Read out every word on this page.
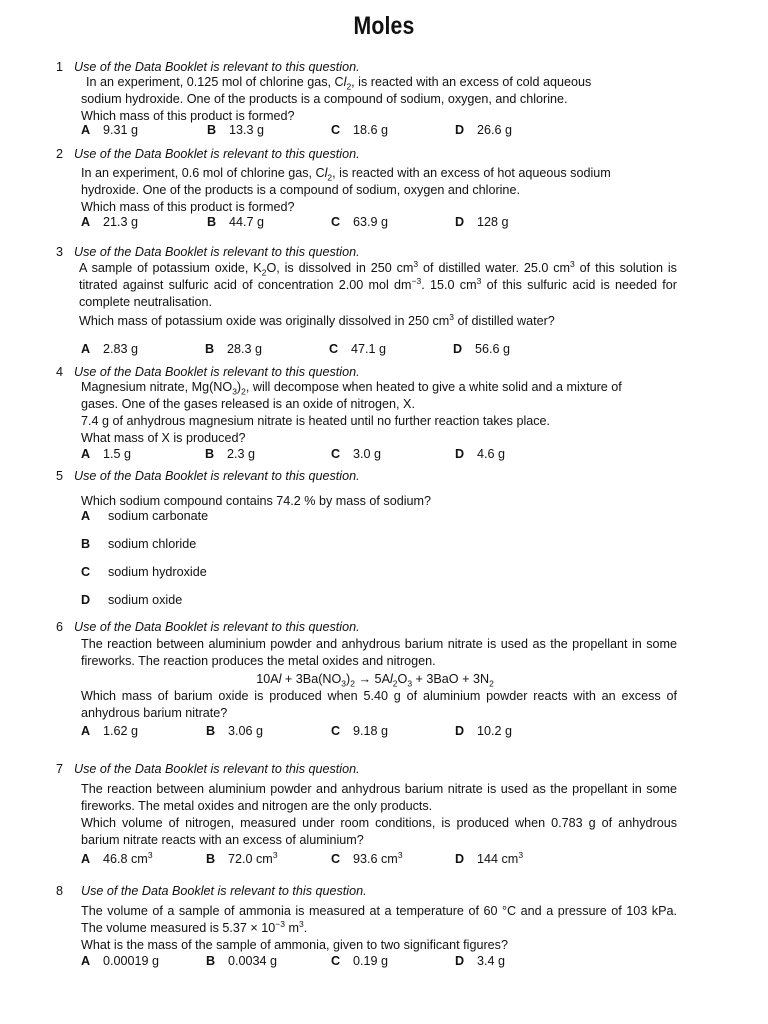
Moles
1 Use of the Data Booklet is relevant to this question.

In an experiment, 0.125 mol of chlorine gas, $Cl_2$, is reacted with an excess of cold aqueous

sodium hydroxide. One of the products is a compound of sodium, oxygen, and chlorine.

Which mass of this product is formed?

A 9.31 g	B 13.3 g	C 18.6 g	D 26.6 g
2 Use of the Data Booklet is relevant to this question.

In an experiment, 0.6 mol of chlorine gas, $Cl_2$, is reacted with an excess of hot aqueous sodium

hydroxide. One of the products is a compound of sodium, oxygen and chlorine.

Which mass of this product is formed?

A 21.3 g	B 44.7 g	C 63.9 g	D 128 g
3 Use of the Data Booklet is relevant to this question.

A sample of potassium oxide, $K_2O$, is dissolved in 250 $cm^3$ of distilled water. 25.0 $cm^3$ of this solution is titrated against sulfuric acid of concentration 2.00 mol $dm^{-3}$. 15.0 $cm^3$ of this sulfuric acid is needed for complete neutralisation.

Which mass of potassium oxide was originally dissolved in 250 $cm^3$ of distilled water?

A 2.83 g	B 28.3 g	C 47.1 g	D 56.6 g
4 Use of the Data Booklet is relevant to this question.

Magnesium nitrate, $Mg(NO_3)_2$, will decompose when heated to give a white solid and a mixture of

gases. One of the gases released is an oxide of nitrogen, X.

7.4 g of anhydrous magnesium nitrate is heated until no further reaction takes place.

What mass of X is produced?

A 1.5 g	B 2.3 g	C 3.0 g	D 4.6 g
5 Use of the Data Booklet is relevant to this question.

Which sodium compound contains 74.2 % by mass of sodium?

A sodium carbonate
B sodium chloride
C sodium hydroxide
D sodium oxide
6 Use of the Data Booklet is relevant to this question.

The reaction between aluminium powder and anhydrous barium nitrate is used as the propellant in some fireworks. The reaction produces the metal oxides and nitrogen.

$10Al + 3Ba(NO_3)_2 \to 5Al_2O_3 + 3BaO + 3N_2$

Which mass of barium oxide is produced when 5.40 g of aluminium powder reacts with an excess of anhydrous barium nitrate?

A 1.62 g	B 3.06 g	C 9.18 g	D 10.2 g
7 Use of the Data Booklet is relevant to this question.

The reaction between aluminium powder and anhydrous barium nitrate is used as the propellant in some fireworks. The metal oxides and nitrogen are the only products.

Which volume of nitrogen, measured under room conditions, is produced when 0.783 g of anhydrous barium nitrate reacts with an excess of aluminium?

A 46.8 $cm^3$	B 72.0 $cm^3$	C 93.6 $cm^3$	D 144 $cm^3$
8 Use of the Data Booklet is relevant to this question.

The volume of a sample of ammonia is measured at a temperature of 60 °C and a pressure of 103 kPa. The volume measured is $5.37 \times 10^{-3}$ $m^3$.

What is the mass of the sample of ammonia, given to two significant figures?

A 0.00019 g	B 0.0034 g	C 0.19 g	D 3.4 g
